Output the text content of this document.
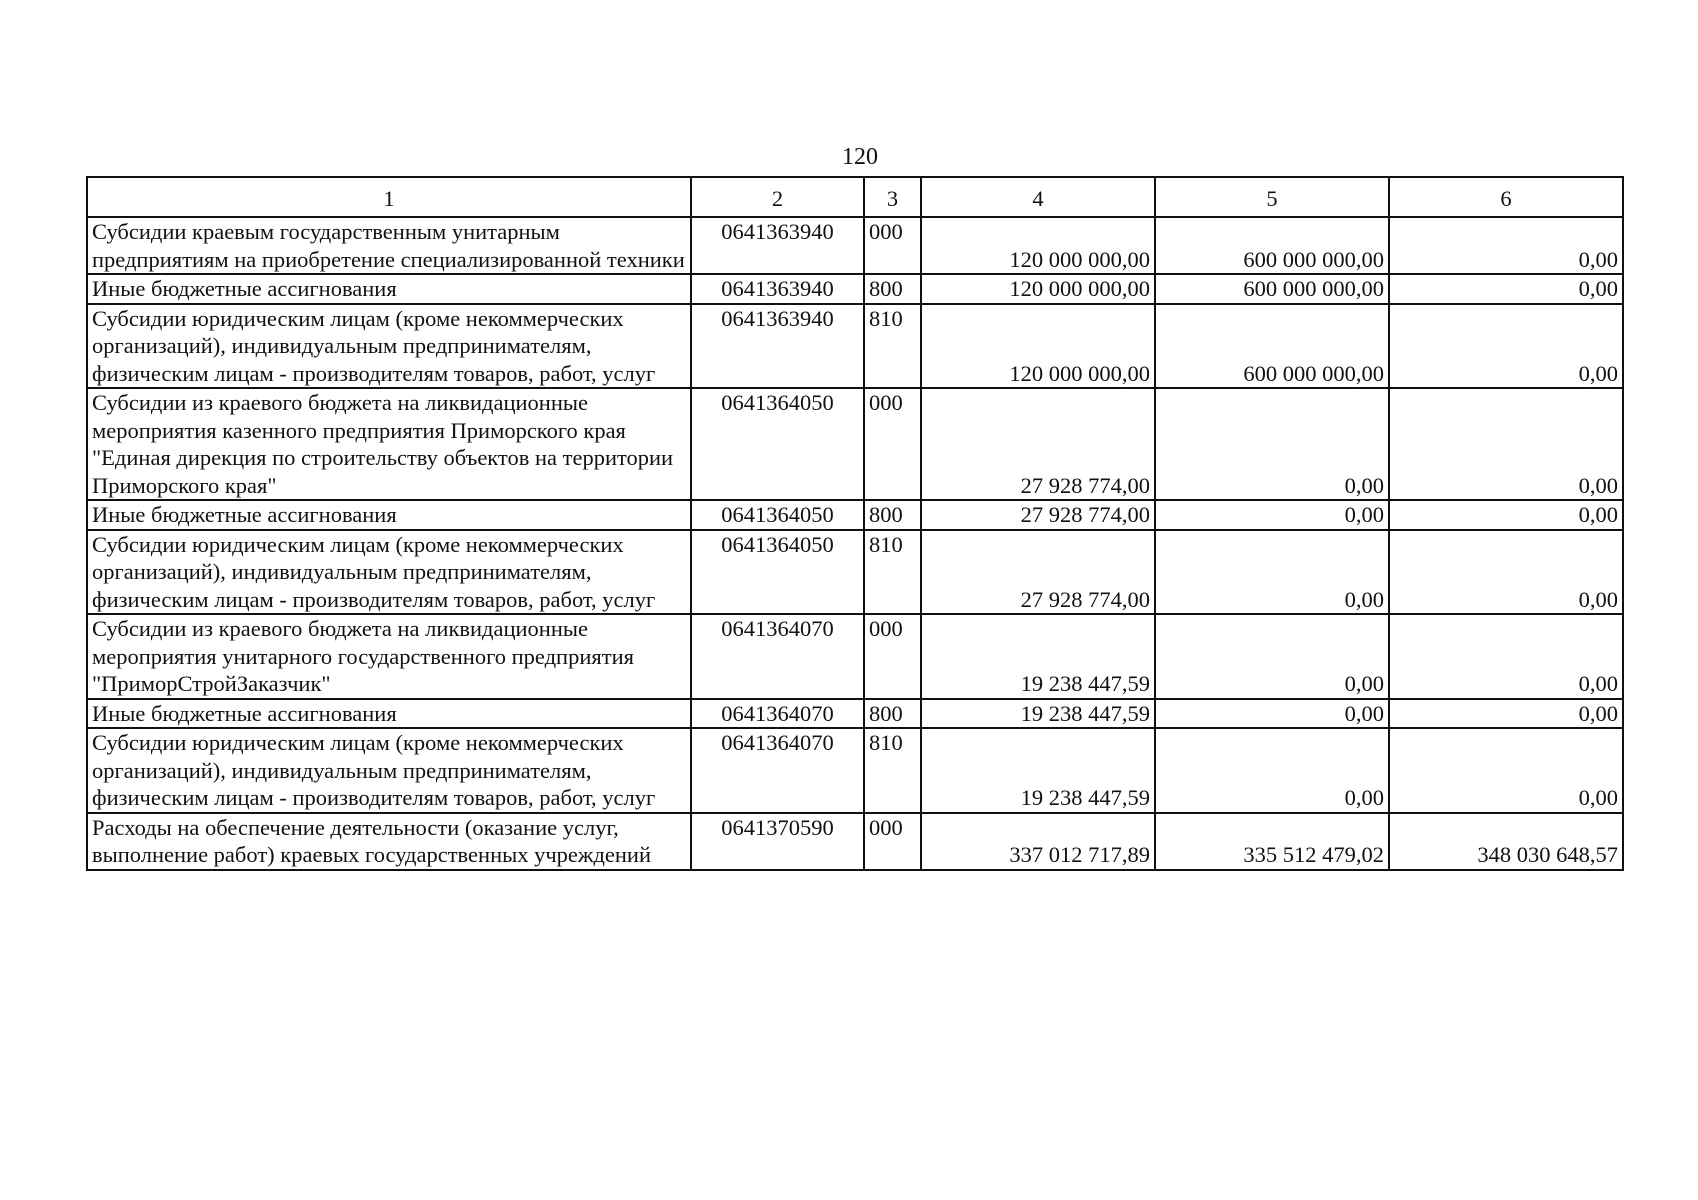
120
1	2	3	4	5	6
Субсидии краевым государственным унитарным предприятиям на приобретение специализированной техники	0641363940	000	120 000 000,00	600 000 000,00	0,00
Иные бюджетные ассигнования	0641363940	800	120 000 000,00	600 000 000,00	0,00
Субсидии юридическим лицам (кроме некоммерческих организаций), индивидуальным предпринимателям, физическим лицам - производителям товаров, работ, услуг	0641363940	810	120 000 000,00	600 000 000,00	0,00
Субсидии из краевого бюджета на ликвидационные мероприятия казенного предприятия Приморского края "Единая дирекция по строительству объектов на территории Приморского края"	0641364050	000	27 928 774,00	0,00	0,00
Иные бюджетные ассигнования	0641364050	800	27 928 774,00	0,00	0,00
Субсидии юридическим лицам (кроме некоммерческих организаций), индивидуальным предпринимателям, физическим лицам - производителям товаров, работ, услуг	0641364050	810	27 928 774,00	0,00	0,00
Субсидии из краевого бюджета на ликвидационные мероприятия унитарного государственного предприятия "ПриморСтройЗаказчик"	0641364070	000	19 238 447,59	0,00	0,00
Иные бюджетные ассигнования	0641364070	800	19 238 447,59	0,00	0,00
Субсидии юридическим лицам (кроме некоммерческих организаций), индивидуальным предпринимателям, физическим лицам - производителям товаров, работ, услуг	0641364070	810	19 238 447,59	0,00	0,00
Расходы на обеспечение деятельности (оказание услуг, выполнение работ) краевых государственных учреждений	0641370590	000	337 012 717,89	335 512 479,02	348 030 648,57
